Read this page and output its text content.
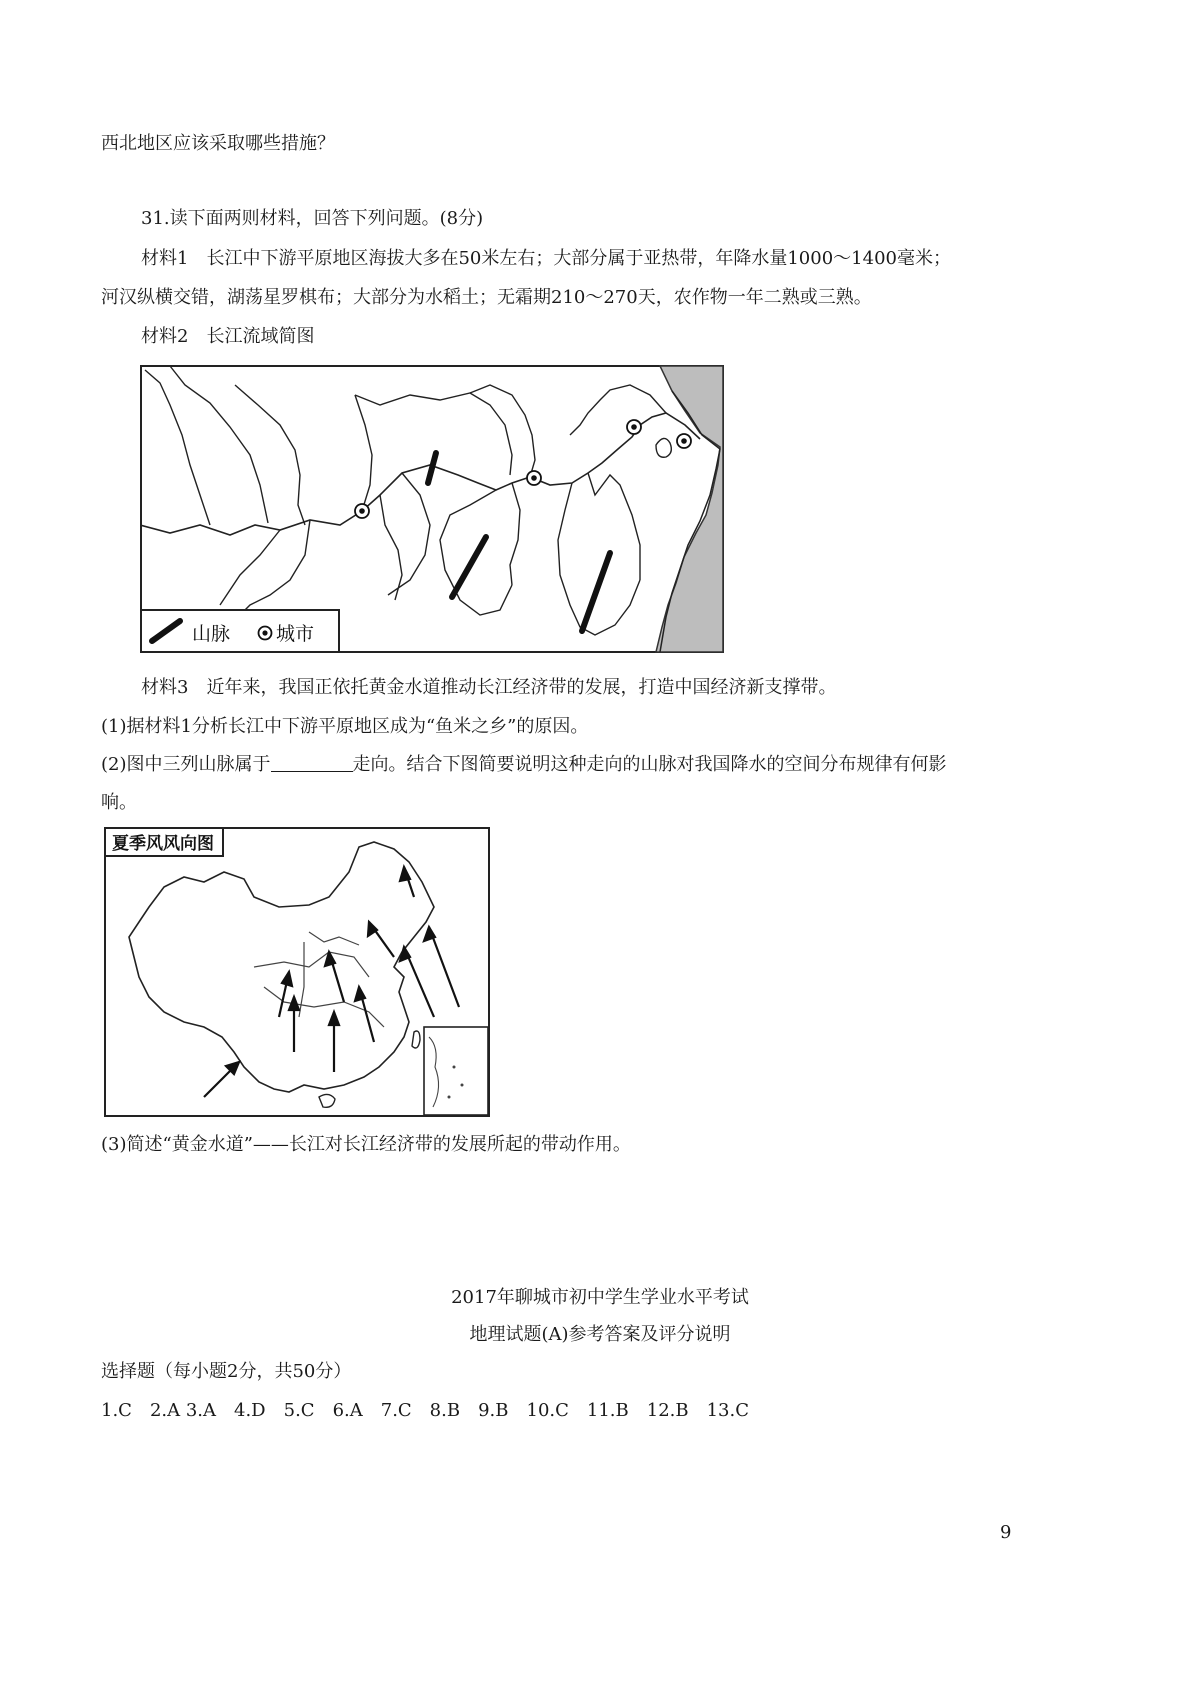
西北地区应该采取哪些措施？
31.读下面两则材料，回答下列问题。(8分)
材料1　长江中下游平原地区海拔大多在50米左右；大部分属于亚热带，年降水量1000～1400毫米；
河汉纵横交错，湖荡星罗棋布；大部分为水稻土；无霜期210～270天，农作物一年二熟或三熟。
材料2　长江流域简图
山脉 城市
材料3　近年来，我国正依托黄金水道推动长江经济带的发展，打造中国经济新支撑带。
(1)据材料1分析长江中下游平原地区成为“鱼米之乡”的原因。
(2)图中三列山脉属于	走向。结合下图简要说明这种走向的山脉对我国降水的空间分布规律有何影
响。
夏季风风向图
(3)简述“黄金水道”——长江对长江经济带的发展所起的带动作用。
2017年聊城市初中学生学业水平考试
地理试题(A)参考答案及评分说明
选择题（每小题2分，共50分）
1.C　2.A 3.A　4.D　5.C　6.A　7.C　8.B　9.B　10.C　11.B　12.B　13.C
9
